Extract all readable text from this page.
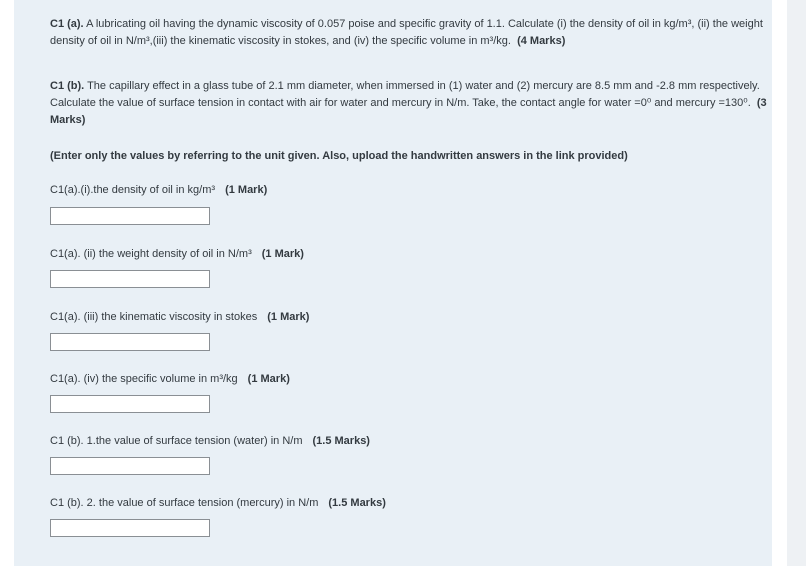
C1 (a). A lubricating oil having the dynamic viscosity of 0.057 poise and specific gravity of 1.1. Calculate (i) the density of oil in kg/m³, (ii) the weight density of oil in N/m³,(iii) the kinematic viscosity in stokes, and (iv) the specific volume in m³/kg. (4 Marks)
C1 (b). The capillary effect in a glass tube of 2.1 mm diameter, when immersed in (1) water and (2) mercury are 8.5 mm and -2.8 mm respectively. Calculate the value of surface tension in contact with air for water and mercury in N/m. Take, the contact angle for water =0⁰ and mercury =130⁰. (3 Marks)
(Enter only the values by referring to the unit given. Also, upload the handwritten answers in the link provided)
C1(a).(i).the density of oil in kg/m³ (1 Mark)
C1(a). (ii) the weight density of oil in N/m³ (1 Mark)
C1(a). (iii) the kinematic viscosity in stokes (1 Mark)
C1(a). (iv) the specific volume in m³/kg (1 Mark)
C1 (b). 1.the value of surface tension (water) in N/m (1.5 Marks)
C1 (b). 2. the value of surface tension (mercury) in N/m (1.5 Marks)
